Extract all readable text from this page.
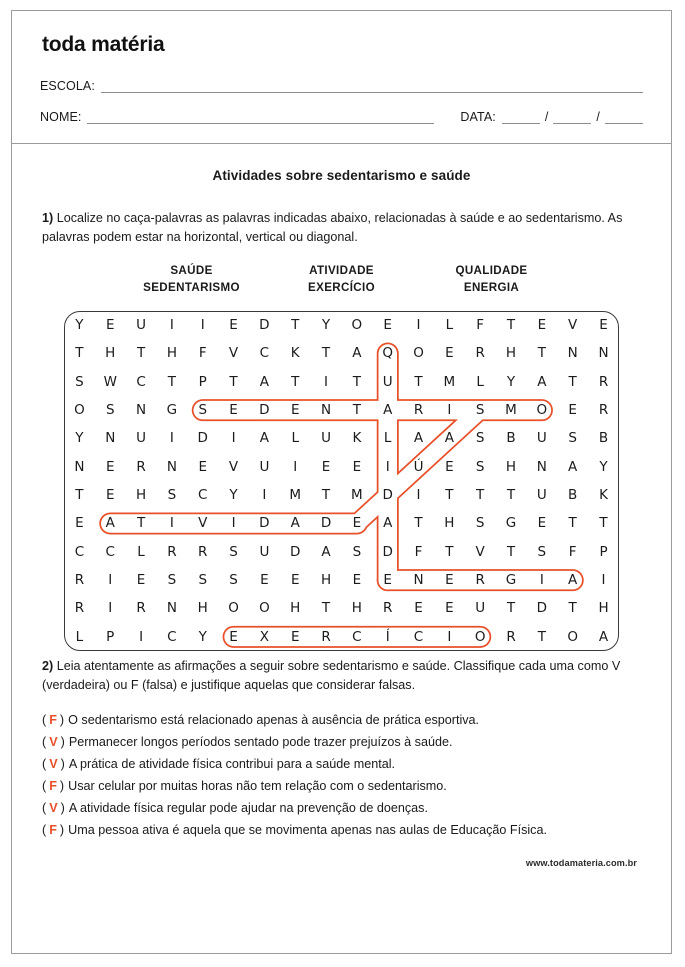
toda matéria
ESCOLA:
NOME:	DATA:	/	/
Atividades sobre sedentarismo e saúde
1) Localize no caça-palavras as palavras indicadas abaixo, relacionadas à saúde e ao sedentarismo. As palavras podem estar na horizontal, vertical ou diagonal.
SAÚDE
SEDENTARISMO
ATIVIDADE
EXERCÍCIO
QUALIDADE
ENERGIA
Y	E	U	I	I	E	D	T	Y	O	E	I	L	F	T	E	V	E
T	H	T	H	F	V	C	K	T	A	Q	O	E	R	H	T	N	N
S	W	C	T	P	T	A	T	I	T	U	T	M	L	Y	A	T	R
O	S	N	G	S	E	D	E	N	T	A	R	I	S	M	O	E	R
Y	N	U	I	D	I	A	L	U	K	L	A	A	S	B	U	S	B
N	E	R	N	E	V	U	I	E	E	I	Ú	E	S	H	N	A	Y
T	E	H	S	C	Y	I	M	T	M	D	I	T	T	T	U	B	K
E	A	T	I	V	I	D	A	D	E	A	T	H	S	G	E	T	T
C	C	L	R	R	S	U	D	A	S	D	F	T	V	T	S	F	P
R	I	E	S	S	S	E	E	H	E	E	N	E	R	G	I	A	I
R	I	R	N	H	O	O	H	T	H	R	E	E	U	T	D	T	H
L	P	I	C	Y	E	X	E	R	C	Í	C	I	O	R	T	O	A
2) Leia atentamente as afirmações a seguir sobre sedentarismo e saúde. Classifique cada uma como V (verdadeira) ou F (falsa) e justifique aquelas que considerar falsas.
( F ) O sedentarismo está relacionado apenas à ausência de prática esportiva.
( V ) Permanecer longos períodos sentado pode trazer prejuízos à saúde.
( V ) A prática de atividade física contribui para a saúde mental.
( F ) Usar celular por muitas horas não tem relação com o sedentarismo.
( V ) A atividade física regular pode ajudar na prevenção de doenças.
( F ) Uma pessoa ativa é aquela que se movimenta apenas nas aulas de Educação Física.
www.todamateria.com.br
